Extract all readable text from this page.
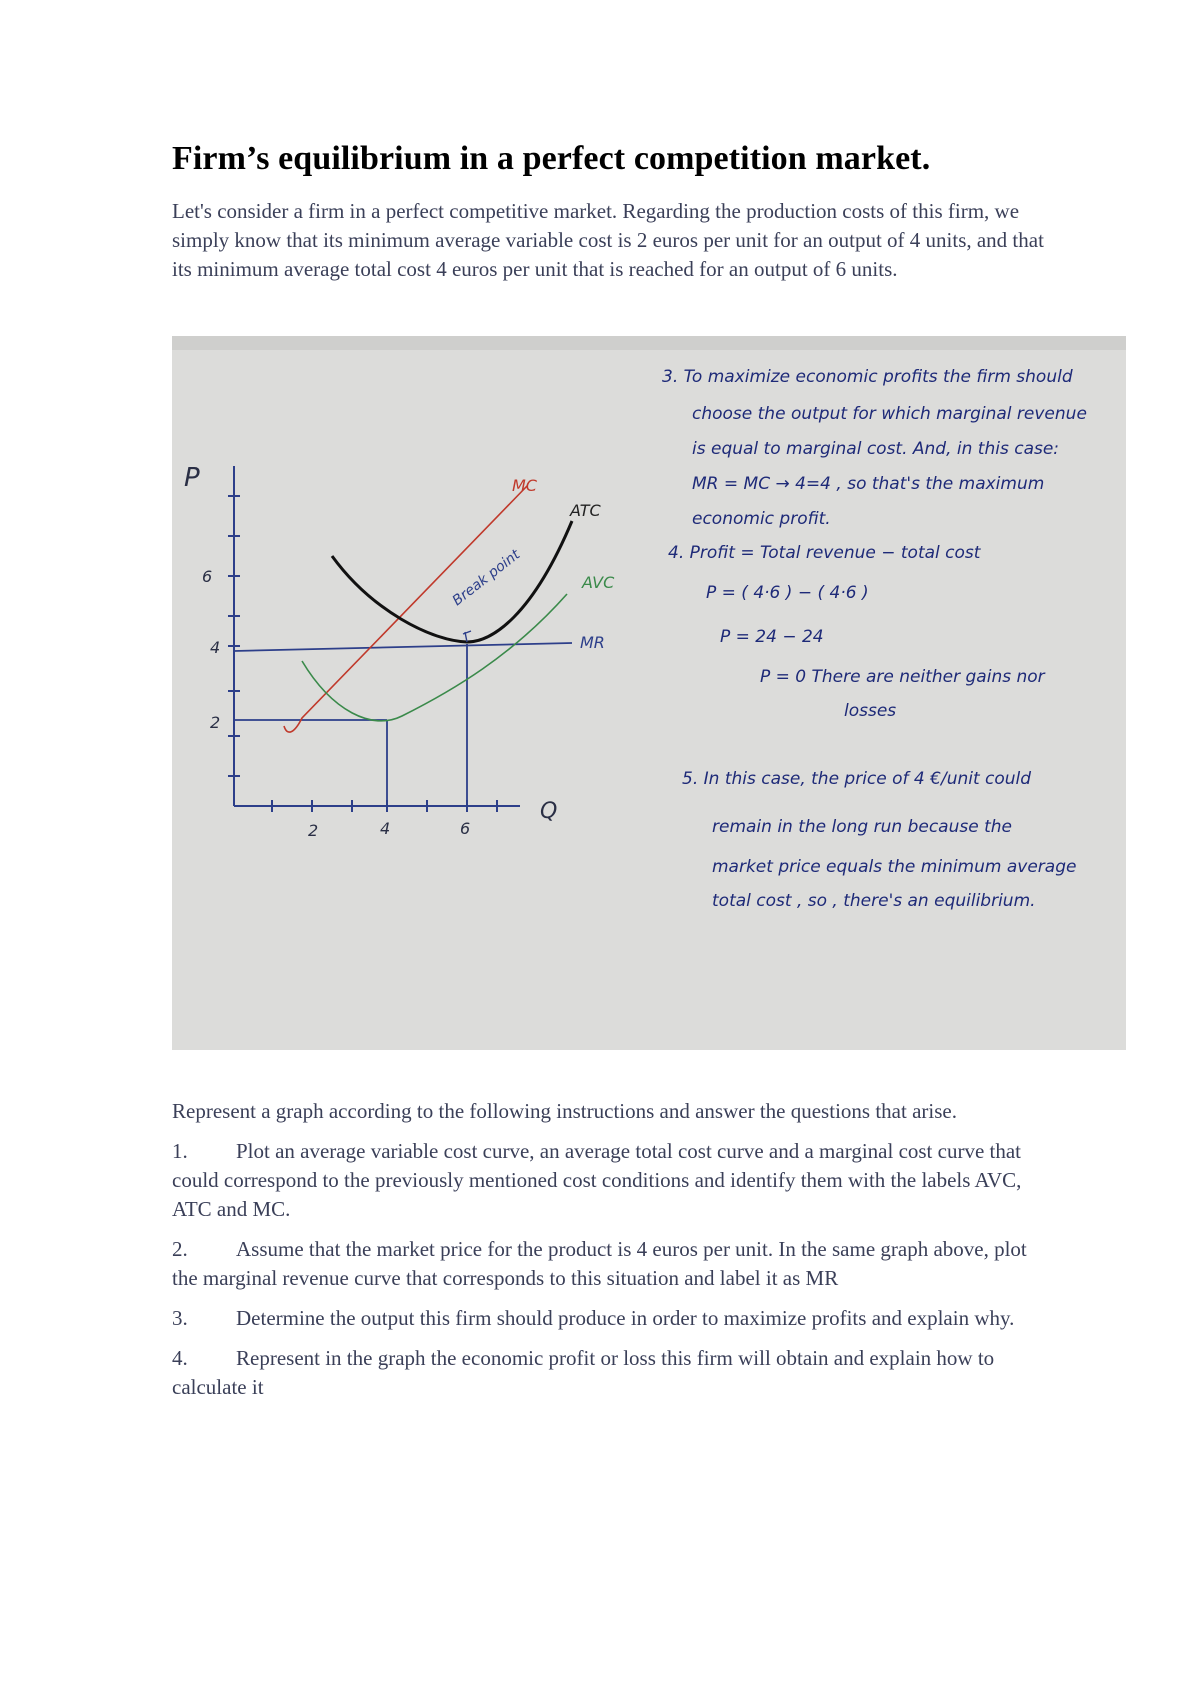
Firm’s equilibrium in a perfect competition market.

Let's consider a firm in a perfect competitive market. Regarding the production costs of this firm, we simply know that its minimum average variable cost is 2 euros per unit for an output of 4 units, and that its minimum average total cost 4 euros per unit that is reached for an output of 6 units.

P
Q
6
4
2
2	4	6
MR
MC
AVC
ATC
Break point
3. To maximize economic profits the firm should
choose the output for which marginal revenue
is equal to marginal cost. And, in this case:
MR = MC → 4=4 , so that's the maximum
economic profit.
4. Profit = Total revenue − total cost
P = ( 4·6 ) − ( 4·6 )
P = 24 − 24
P = 0 There are neither gains nor
losses
5. In this case, the price of 4 €/unit could
remain in the long run because the
market price equals the minimum average
total cost , so , there's an equilibrium.

Represent a graph according to the following instructions and answer the questions that arise.

1. Plot an average variable cost curve, an average total cost curve and a marginal cost curve that could correspond to the previously mentioned cost conditions and identify them with the labels AVC, ATC and MC.

2. Assume that the market price for the product is 4 euros per unit. In the same graph above, plot the marginal revenue curve that corresponds to this situation and label it as MR

3. Determine the output this firm should produce in order to maximize profits and explain why.

4. Represent in the graph the economic profit or loss this firm will obtain and explain how to calculate it
